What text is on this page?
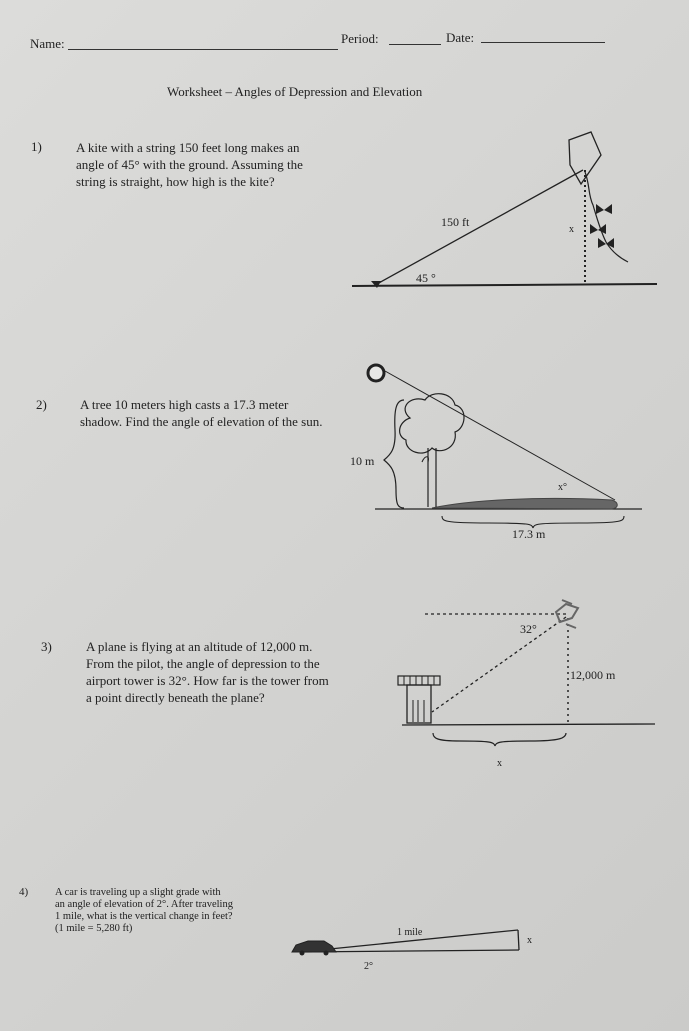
Name:	Period:	Date:
Worksheet – Angles of Depression and Elevation
1)	A kite with a string 150 feet long makes an
angle of 45° with the ground. Assuming the
string is straight, how high is the kite?
2)	A tree 10 meters high casts a 17.3 meter
shadow. Find the angle of elevation of the sun.
3)	A plane is flying at an altitude of 12,000 m.
From the pilot, the angle of depression to the
airport tower is 32°. How far is the tower from
a point directly beneath the plane?
4)	A car is traveling up a slight grade with
an angle of elevation of 2°. After traveling
1 mile, what is the vertical change in feet?
(1 mile = 5,280 ft)
150 ft
45 °
x
10 m
x°
17.3 m
32°
12,000 m
x
1 mile
x
2°
